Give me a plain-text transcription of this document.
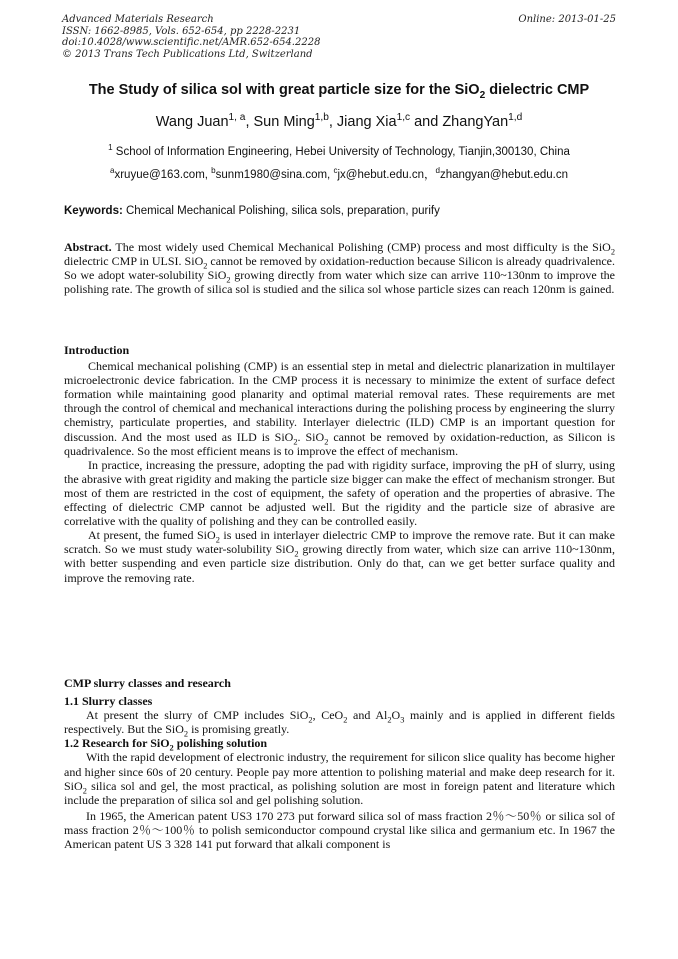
Advanced Materials Research
ISSN: 1662-8985, Vols. 652-654, pp 2228-2231
doi:10.4028/www.scientific.net/AMR.652-654.2228
© 2013 Trans Tech Publications Ltd, Switzerland
Online: 2013-01-25
The Study of silica sol with great particle size for the SiO$_2$ dielectric CMP
Wang Juan$^{1, a}$, Sun Ming$^{1,b}$, Jiang Xia$^{1,c}$ and ZhangYan$^{1,d}$
$^1$ School of Information Engineering, Hebei University of Technology, Tianjin,300130, China
$^a$xruyue@163.com, $^b$sunm1980@sina.com, $^c$jx@hebut.edu.cn，$^d$zhangyan@hebut.edu.cn
Keywords: Chemical Mechanical Polishing, silica sols, preparation, purify

Abstract. The most widely used Chemical Mechanical Polishing (CMP) process and most difficulty is the SiO$_2$ dielectric CMP in ULSI. SiO$_2$ cannot be removed by oxidation-reduction because Silicon is already quadrivalence. So we adopt water-solubility SiO$_2$ growing directly from water which size can arrive 110~130nm to improve the polishing rate. The growth of silica sol is studied and the silica sol whose particle sizes can reach 120nm is gained.

Introduction

Chemical mechanical polishing (CMP) is an essential step in metal and dielectric planarization in multilayer microelectronic device fabrication. In the CMP process it is necessary to minimize the extent of surface defect formation while maintaining good planarity and optimal material removal rates. These requirements are met through the control of chemical and mechanical interactions during the polishing process by engineering the slurry chemistry, particulate properties, and stability. Interlayer dielectric (ILD) CMP is an important question for discussion. And the most used as ILD is SiO$_2$. SiO$_2$ cannot be removed by oxidation-reduction, as Silicon is quadrivalence. So the most efficient means is to improve the effect of mechanism.

In practice, increasing the pressure, adopting the pad with rigidity surface, improving the pH of slurry, using the abrasive with great rigidity and making the particle size bigger can make the effect of mechanism stronger. But most of them are restricted in the cost of equipment, the safety of operation and the properties of abrasive. The effecting of dielectric CMP cannot be adjusted well. But the rigidity and the particle size of abrasive are correlative with the quality of polishing and they can be controlled easily.

At present, the fumed SiO$_2$ is used in interlayer dielectric CMP to improve the remove rate. But it can make scratch. So we must study water-solubility SiO$_2$ growing directly from water, which size can arrive 110~130nm, with better suspending and even particle size distribution. Only do that, can we get better surface quality and improve the removing rate.

CMP slurry classes and research

1.1 Slurry classes

At present the slurry of CMP includes SiO$_2$, CeO$_2$ and $Al_2O_3$ mainly and is applied in different fields respectively. But the SiO$_2$ is promising greatly.

1.2 Research for SiO$_2$ polishing solution

With the rapid development of electronic industry, the requirement for silicon slice quality has become higher and higher since 60s of 20 century. People pay more attention to polishing material and make deep research for it. SiO$_2$ silica sol and gel, the most practical, as polishing solution are most in foreign patent and literature which include the preparation of silica sol and gel polishing solution.

In 1965, the American patent US3 170 273 put forward silica sol of mass fraction 2％～50％ or silica sol of mass fraction 2％～100％ to polish semiconductor compound crystal like silica and germanium etc. In 1967 the American patent US 3 328 141 put forward that alkali component is
